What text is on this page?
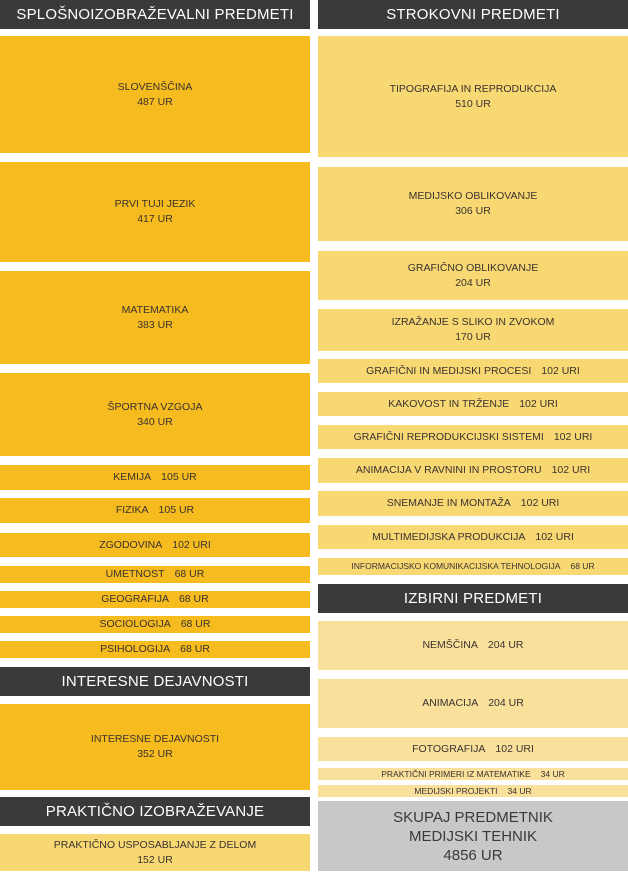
SPLOŠNOIZOBRAŽEVALNI PREDMETI
SLOVENŠČINA
487 UR
PRVI TUJI JEZIK
417 UR
MATEMATIKA
383 UR
ŠPORTNA VZGOJA
340 UR
KEMIJA 105 UR
FIZIKA 105 UR
ZGODOVINA 102 URI
UMETNOST 68 UR
GEOGRAFIJA 68 UR
SOCIOLOGIJA 68 UR
PSIHOLOGIJA 68 UR
INTERESNE DEJAVNOSTI
INTERESNE DEJAVNOSTI
352 UR
PRAKTIČNO IZOBRAŽEVANJE
PRAKTIČNO USPOSABLJANJE Z DELOM
152 UR
STROKOVNI PREDMETI
TIPOGRAFIJA IN REPRODUKCIJA
510 UR
MEDIJSKO OBLIKOVANJE
306 UR
GRAFIČNO OBLIKOVANJE
204 UR
IZRAŽANJE S SLIKO IN ZVOKOM
170 UR
GRAFIČNI IN MEDIJSKI PROCESI 102 URI
KAKOVOST IN TRŽENJE 102 URI
GRAFIČNI REPRODUKCIJSKI SISTEMI 102 URI
ANIMACIJA V RAVNINI IN PROSTORU 102 URI
SNEMANJE IN MONTAŽA 102 URI
MULTIMEDIJSKA PRODUKCIJA 102 URI
INFORMACIJSKO KOMUNIKACIJSKA TEHNOLOGIJA 68 UR
IZBIRNI PREDMETI
NEMŠČINA 204 UR
ANIMACIJA 204 UR
FOTOGRAFIJA 102 URI
PRAKTIČNI PRIMERI IZ MATEMATIKE 34 UR
MEDIJSKI PROJEKTI 34 UR
SKUPAJ PREDMETNIK
MEDIJSKI TEHNIK
4856 UR
